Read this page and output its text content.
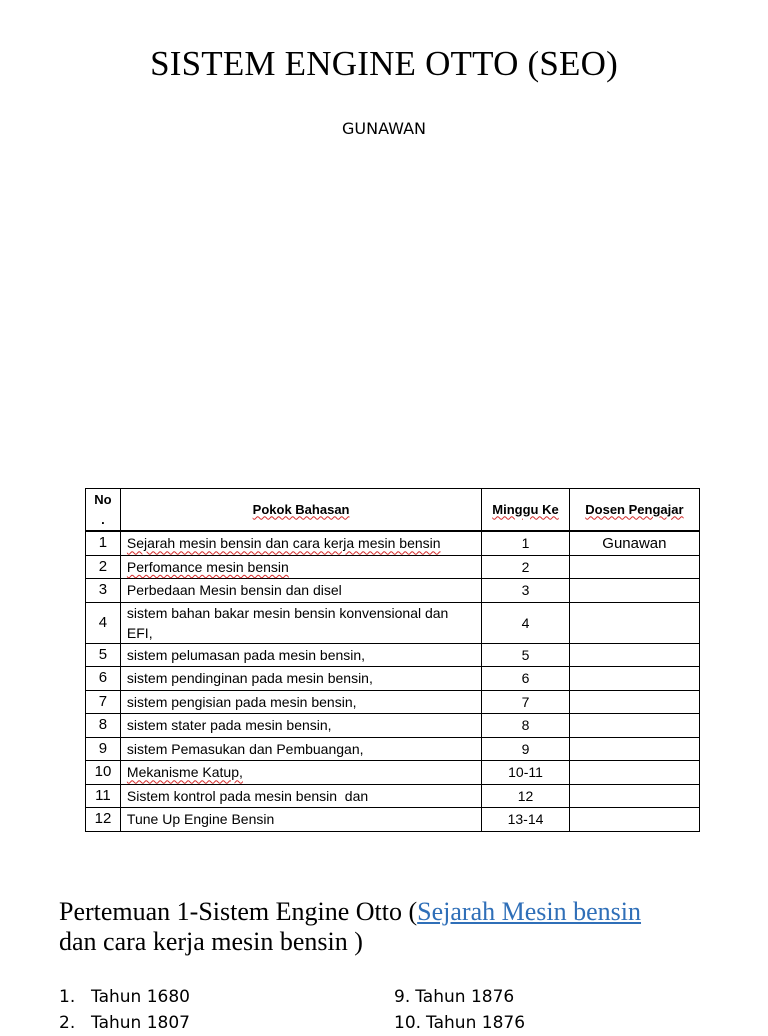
SISTEM ENGINE OTTO (SEO)
GUNAWAN
No
.	Pokok Bahasan	Minggu Ke	Dosen Pengajar
1	Sejarah mesin bensin dan cara kerja mesin bensin	1	Gunawan
2	Perfomance mesin bensin	2	
3	Perbedaan Mesin bensin dan disel	3	
4	sistem bahan bakar mesin bensin konvensional dan EFI,	4	
5	sistem pelumasan pada mesin bensin,	5	
6	sistem pendinginan pada mesin bensin,	6	
7	sistem pengisian pada mesin bensin,	7	
8	sistem stater pada mesin bensin,	8	
9	sistem Pemasukan dan Pembuangan,	9	
10	Mekanisme Katup,	10-11	
11	Sistem kontrol pada mesin bensin  dan	12	
12	Tune Up Engine Bensin	13-14	
Pertemuan 1-Sistem Engine Otto (Sejarah Mesin bensin
dan cara kerja mesin bensin )
1. Tahun 1680
2. Tahun 1807
9. Tahun 1876
10. Tahun 1876
